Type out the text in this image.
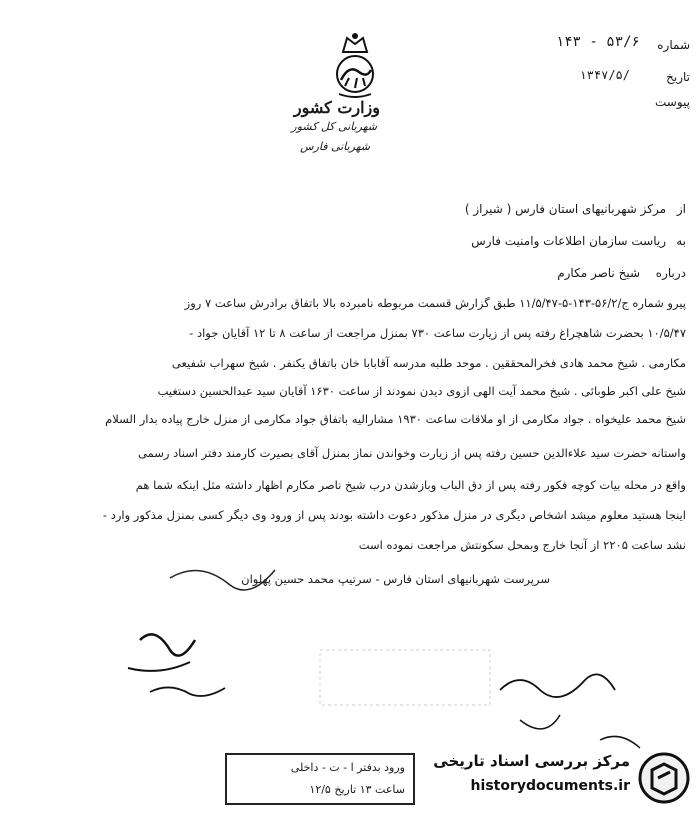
وزارت کشور
شهربانی کل کشور
شهربانی فارس
شماره
۱۴۳ - ۵۳/۶
تاریخ
۱۳۴۷/۵/
پیوست
از
مرکز شهربانیهای استان فارس ( شیراز )
به
ریاست سازمان اطلاعات وامنیت فارس
درباره
شیخ ناصر مکارم
پیرو شماره ج/۵۶/۲-۱۴۳-۵-۱۱/۵/۴۷ طبق گزارش قسمت مربوطه نامبرده بالا باتفاق برادرش ساعت ۷ روز
۱۰/۵/۴۷ بحضرت شاهچراغ رفته پس از زیارت ساعت ۷۳۰ بمنزل مراجعت از ساعت ۸ تا ۱۲ آقایان جواد -
مکارمی . شیخ محمد هادی فخرالمحققین . موحد طلبه مدرسه آقابابا خان باتفاق یکنفر . شیخ سهراب شفیعی
شیخ علی اکبر طوبائی . شیخ محمد آیت الهی ازوی دیدن نمودند از ساعت ۱۶۳۰ آقایان سید عبدالحسین دستغیب
شیخ محمد علیخواه . جواد مکارمی از او ملاقات ساعت ۱۹۳۰ مشارالیه باتفاق جواد مکارمی از منزل خارج پیاده بدار السلام
واستانه حضرت سید علاءالدین حسین رفته پس از زیارت وخواندن نماز بمنزل آقای بصیرت کارمند دفتر اسناد رسمی
واقع در محله بیات کوچه فکور رفته پس از دق الباب وبازشدن درب شیخ ناصر مکارم اظهار داشته مثل اینکه شما هم
اینجا هستید معلوم میشد اشخاص دیگری در منزل مذکور دعوت داشته بودند پس از ورود وی دیگر کسی بمنزل مذکور وارد -
نشد ساعت ۲۲۰۵ از آنجا خارج وبمحل سکونتش مراجعت نموده است
سرپرست شهربانیهای استان فارس - سرتیپ محمد حسین پهلوان
ورود بدفتر ا - ت - داخلی
ساعت ۱۳ تاریخ ۱۲/۵
مرکز بررسی اسناد تاریخی
historydocuments.ir
